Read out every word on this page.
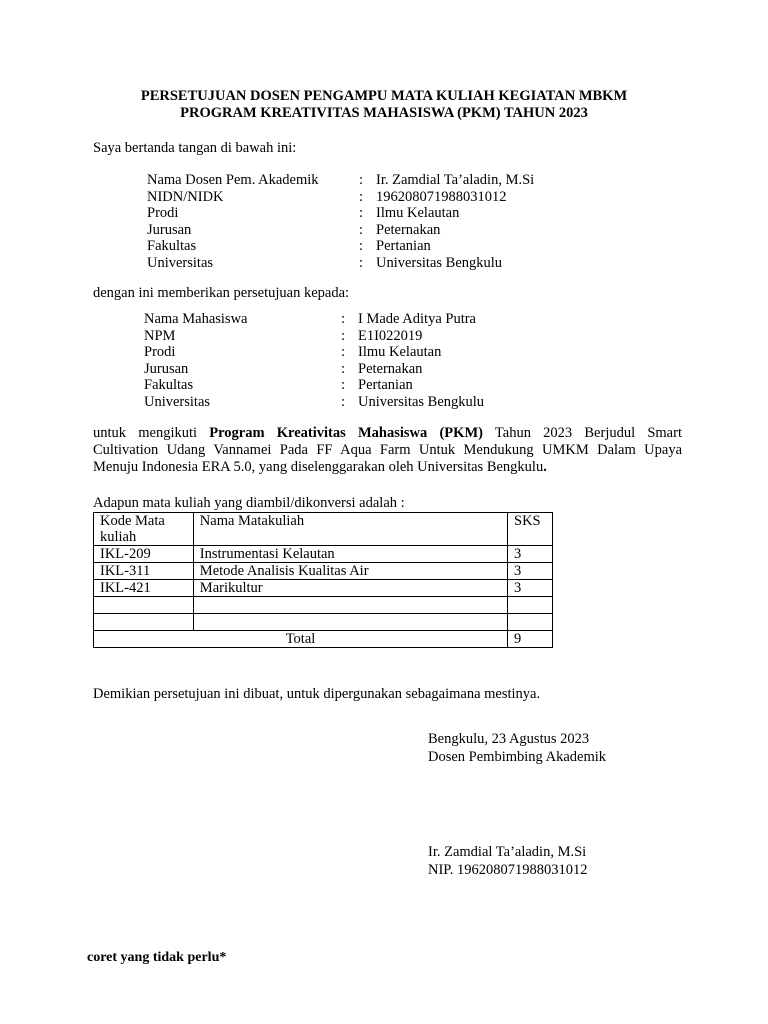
PERSETUJUAN DOSEN PENGAMPU MATA KULIAH KEGIATAN MBKM
PROGRAM KREATIVITAS MAHASISWA (PKM) TAHUN 2023
Saya bertanda tangan di bawah ini:
Nama Dosen Pem. Akademik	: Ir. Zamdial Ta’aladin, M.Si
NIDN/NIDK	: 196208071988031012
Prodi	: Ilmu Kelautan
Jurusan	: Peternakan
Fakultas	: Pertanian
Universitas	: Universitas Bengkulu
dengan ini memberikan persetujuan kepada:
Nama Mahasiswa	: I Made Aditya Putra
NPM	: E1I022019
Prodi	: Ilmu Kelautan
Jurusan	: Peternakan
Fakultas	: Pertanian
Universitas	: Universitas Bengkulu
untuk mengikuti Program Kreativitas Mahasiswa (PKM) Tahun 2023 Berjudul Smart
Cultivation Udang Vannamei Pada FF Aqua Farm Untuk Mendukung UMKM Dalam Upaya
Menuju Indonesia ERA 5.0, yang diselenggarakan oleh Universitas Bengkulu.
Adapun mata kuliah yang diambil/dikonversi adalah :
Kode Mata
kuliah	Nama Matakuliah	SKS
IKL-209	Instrumentasi Kelautan	3
IKL-311	Metode Analisis Kualitas Air	3
IKL-421	Marikultur	3

Total		9
Demikian persetujuan ini dibuat, untuk dipergunakan sebagaimana mestinya.
Bengkulu, 23 Agustus 2023
Dosen Pembimbing Akademik
Ir. Zamdial Ta’aladin, M.Si
NIP. 196208071988031012
coret yang tidak perlu*
